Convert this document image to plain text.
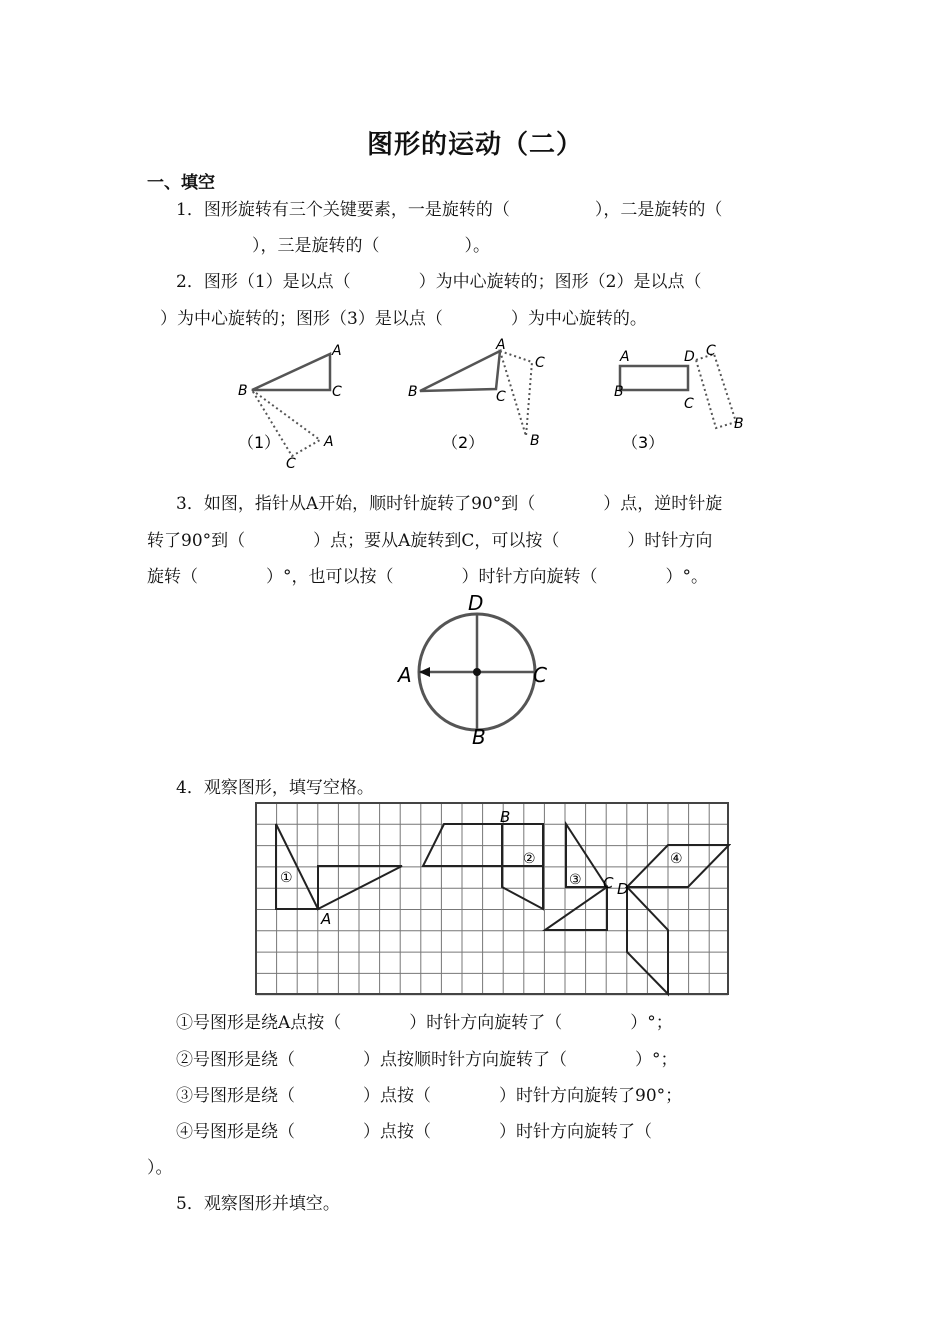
图形的运动（二）
一、填空
1．图形旋转有三个关键要素，一是旋转的（　　　　　），二是旋转的（
　　），三是旋转的（　　　　　）。
2．图形（1）是以点（　　　　）为中心旋转的；图形（2）是以点（
）为中心旋转的；图形（3）是以点（　　　　）为中心旋转的。
A
B	C
A
C
（1）
A
B	C
C
B
（2）
A	D C
B
C
B
（3）
3．如图，指针从A开始，顺时针旋转了90°到（　　　　）点，逆时针旋
转了90°到（　　　　）点；要从A旋转到C，可以按（　　　　）时针方向
旋转（　　　　）°，也可以按（　　　　）时针方向旋转（　　　　）°。
D
A	C
B
4．观察图形，填写空格。
①
②
③
④
A
B
C D
①号图形是绕A点按（　　　　）时针方向旋转了（　　　　）°；
②号图形是绕（　　　　）点按顺时针方向旋转了（　　　　）°；
③号图形是绕（　　　　）点按（　　　　）时针方向旋转了90°；
④号图形是绕（　　　　）点按（　　　　）时针方向旋转了（
）。
5．观察图形并填空。
